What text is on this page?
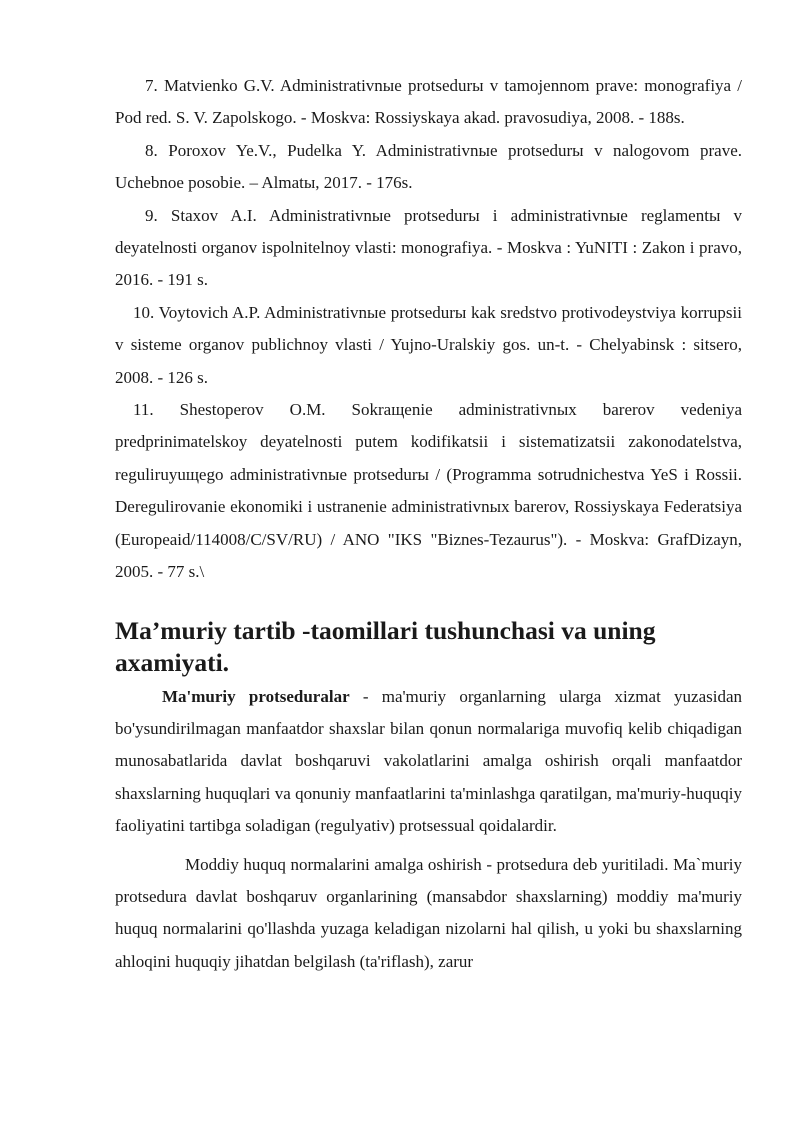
7. Matvienko G.V. Administrativnыe protsedurы v tamojennom prave: monografiya / Pod red. S. V. Zapolskogo. - Moskva: Rossiyskaya akad. pravosudiya, 2008. - 188s.

8. Poroxov Ye.V., Pudelka Y. Administrativnыe protsedurы v nalogovom prave. Uchebnoe posobie. – Almatы, 2017. - 176s.

9. Staxov A.I. Administrativnыe protsedurы i administrativnыe reglamentы v deyatelnosti organov ispolnitelnoy vlasti: monografiya. - Moskva : YuNITI : Zakon i pravo, 2016. - 191 s.

10. Voytovich A.P. Administrativnыe protsedurы kak sredstvo protivodeystviya korrupsii v sisteme organov publichnoy vlasti / Yujno-Uralskiy gos. un-t. - Chelyabinsk : sitsero, 2008. - 126 s.

11. Shestoperov O.M. Sokraщenie administrativnых barerov vedeniya predprinimatelskoy deyatelnosti putem kodifikatsii i sistematizatsii zakonodatelstva, reguliruyuщego administrativnыe protsedurы / (Programma sotrudnichestva YeS i Rossii. Deregulirovanie ekonomiki i ustranenie administrativnых barerov, Rossiyskaya Federatsiya (Europeaid/114008/C/SV/RU) / ANO "IKS "Biznes-Tezaurus"). - Moskva: GrafDizayn, 2005. - 77 s.\

Ma’muriy tartib -taomillari tushunchasi va uning axamiyati.

Ma'muriy protseduralar - ma'muriy organlarning ularga xizmat yuzasidan bo'ysundirilmagan manfaatdor shaxslar bilan qonun normalariga muvofiq kelib chiqadigan munosabatlarida davlat boshqaruvi vakolatlarini amalga oshirish orqali manfaatdor shaxslarning huquqlari va qonuniy manfaatlarini ta'minlashga qaratilgan, ma'muriy-huquqiy faoliyatini tartibga soladigan (regulyativ) protsessual qoidalardir.

Moddiy huquq normalarini amalga oshirish - protsedura deb yuritiladi. Ma`muriy protsedura davlat boshqaruv organlarining (mansabdor shaxslarning) moddiy ma'muriy huquq normalarini qo'llashda yuzaga keladigan nizolarni hal qilish, u yoki bu shaxslarning ahloqini huquqiy jihatdan belgilash (ta'riflash), zarur
